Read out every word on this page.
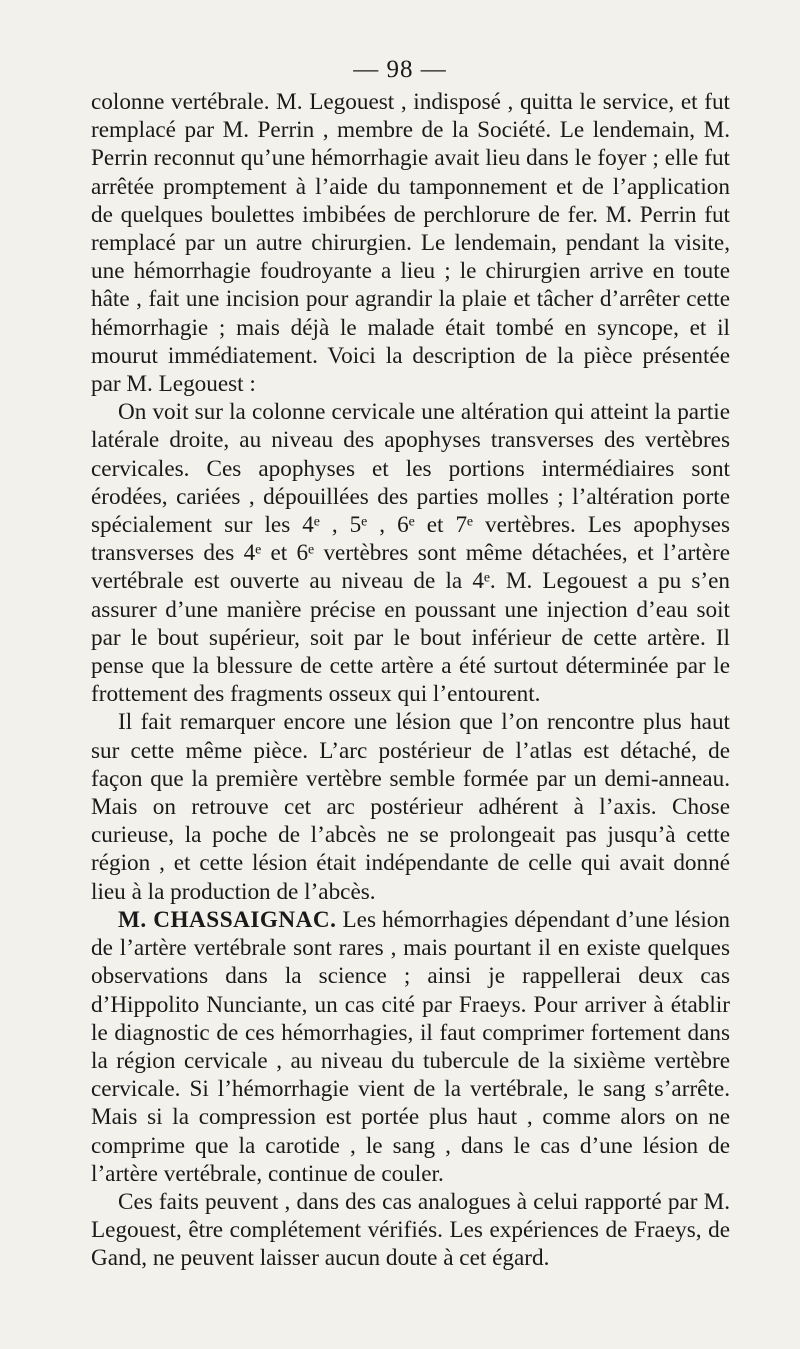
— 98 —

colonne vertébrale. M. Legouest , indisposé , quitta le service, et fut remplacé par M. Perrin , membre de la Société. Le lendemain, M. Perrin reconnut qu’une hémorrhagie avait lieu dans le foyer ; elle fut arrêtée promptement à l’aide du tamponnement et de l’application de quelques boulettes imbibées de perchlorure de fer. M. Perrin fut remplacé par un autre chirurgien. Le lendemain, pendant la visite, une hémorrhagie foudroyante a lieu ; le chirurgien arrive en toute hâte , fait une incision pour agrandir la plaie et tâcher d’arrêter cette hémorrhagie ; mais déjà le malade était tombé en syncope, et il mourut immédiatement. Voici la description de la pièce présentée par M. Legouest :

On voit sur la colonne cervicale une altération qui atteint la partie latérale droite, au niveau des apophyses transverses des vertèbres cervicales. Ces apophyses et les portions intermédiaires sont érodées, cariées , dépouillées des parties molles ; l’altération porte spécialement sur les 4ᵉ , 5ᵉ , 6ᵉ et 7ᵉ vertèbres. Les apophyses transverses des 4ᵉ et 6ᵉ vertèbres sont même détachées, et l’artère vertébrale est ouverte au niveau de la 4ᵉ. M. Legouest a pu s’en assurer d’une manière précise en poussant une injection d’eau soit par le bout supérieur, soit par le bout inférieur de cette artère. Il pense que la blessure de cette artère a été surtout déterminée par le frottement des fragments osseux qui l’entourent.

Il fait remarquer encore une lésion que l’on rencontre plus haut sur cette même pièce. L’arc postérieur de l’atlas est détaché, de façon que la première vertèbre semble formée par un demi-anneau. Mais on retrouve cet arc postérieur adhérent à l’axis. Chose curieuse, la poche de l’abcès ne se prolongeait pas jusqu’à cette région , et cette lésion était indépendante de celle qui avait donné lieu à la production de l’abcès.

M. CHASSAIGNAC. Les hémorrhagies dépendant d’une lésion de l’artère vertébrale sont rares , mais pourtant il en existe quelques observations dans la science ; ainsi je rappellerai deux cas d’Hippolito Nunciante, un cas cité par Fraeys. Pour arriver à établir le diagnostic de ces hémorrhagies, il faut comprimer fortement dans la région cervicale , au niveau du tubercule de la sixième vertèbre cervicale. Si l’hémorrhagie vient de la vertébrale, le sang s’arrête. Mais si la compression est portée plus haut , comme alors on ne comprime que la carotide , le sang , dans le cas d’une lésion de l’artère vertébrale, continue de couler.

Ces faits peuvent , dans des cas analogues à celui rapporté par M. Legouest, être complétement vérifiés. Les expériences de Fraeys, de Gand, ne peuvent laisser aucun doute à cet égard.
